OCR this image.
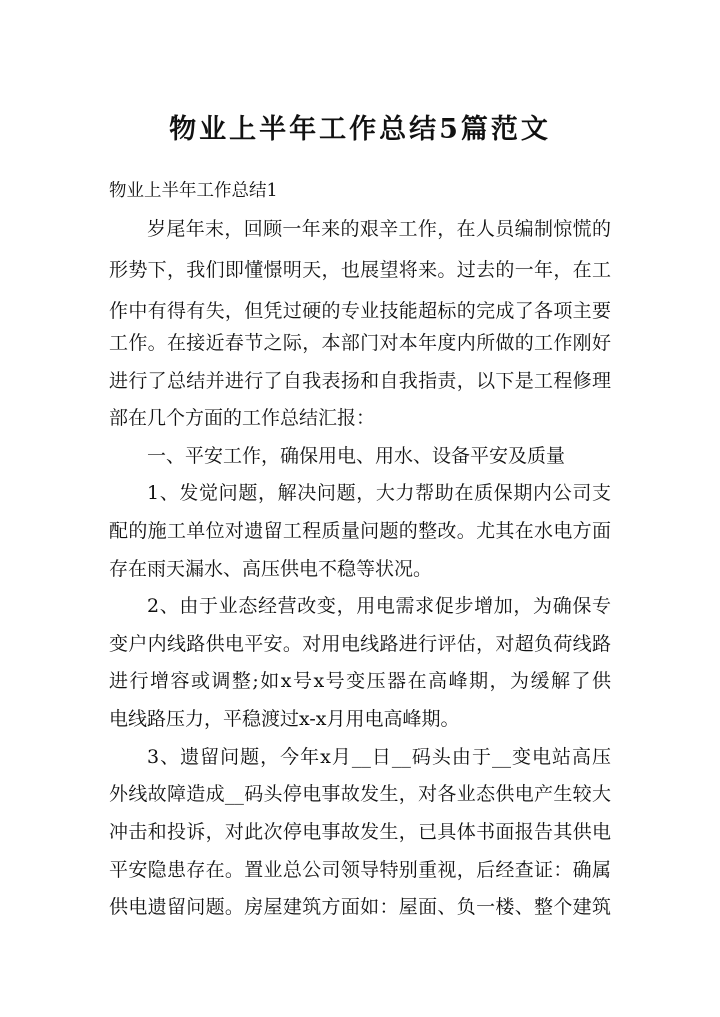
物业上半年工作总结5篇范文
物业上半年工作总结1
岁尾年末，回顾一年来的艰辛工作，在人员编制惊慌的
形势下，我们即懂憬明天，也展望将来。过去的一年，在工
作中有得有失，但凭过硬的专业技能超标的完成了各项主要
工作。在接近春节之际，本部门对本年度内所做的工作刚好
进行了总结并进行了自我表扬和自我指责，以下是工程修理
部在几个方面的工作总结汇报：
一、平安工作，确保用电、用水、设备平安及质量
1、发觉问题，解决问题，大力帮助在质保期内公司支
配的施工单位对遗留工程质量问题的整改。尤其在水电方面
存在雨天漏水、高压供电不稳等状况。
2、由于业态经营改变，用电需求促步增加，为确保专
变户内线路供电平安。对用电线路进行评估，对超负荷线路
进行增容或调整;如x号x号变压器在高峰期，为缓解了供
电线路压力，平稳渡过x-x月用电高峰期。
3、遗留问题，今年x月__日__码头由于__变电站高压
外线故障造成__码头停电事故发生，对各业态供电产生较大
冲击和投诉，对此次停电事故发生，已具体书面报告其供电
平安隐患存在。置业总公司领导特别重视，后经查证：确属
供电遗留问题。房屋建筑方面如：屋面、负一楼、整个建筑
